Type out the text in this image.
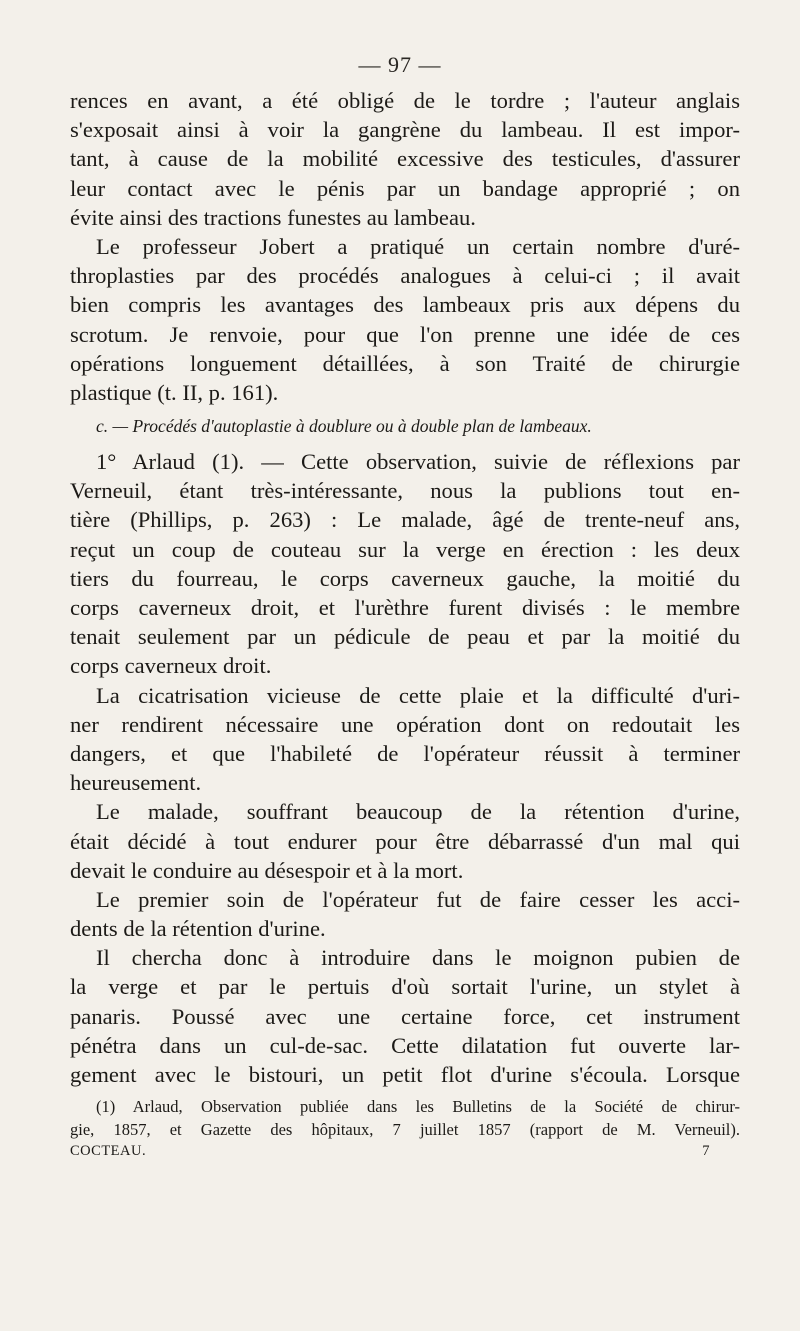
— 97 —
rences en avant, a été obligé de le tordre ; l'auteur anglais
s'exposait ainsi à voir la gangrène du lambeau. Il est impor-
tant, à cause de la mobilité excessive des testicules, d'assurer
leur contact avec le pénis par un bandage approprié ; on
évite ainsi des tractions funestes au lambeau.
Le professeur Jobert a pratiqué un certain nombre d'uré-
throplasties par des procédés analogues à celui-ci ; il avait
bien compris les avantages des lambeaux pris aux dépens du
scrotum. Je renvoie, pour que l'on prenne une idée de ces
opérations longuement détaillées, à son Traité de chirurgie
plastique (t. II, p. 161).
c. — Procédés d'autoplastie à doublure ou à double plan de lambeaux.
1° Arlaud (1). — Cette observation, suivie de réflexions par
Verneuil, étant très-intéressante, nous la publions tout en-
tière (Phillips, p. 263) : Le malade, âgé de trente-neuf ans,
reçut un coup de couteau sur la verge en érection : les deux
tiers du fourreau, le corps caverneux gauche, la moitié du
corps caverneux droit, et l'urèthre furent divisés : le membre
tenait seulement par un pédicule de peau et par la moitié du
corps caverneux droit.
La cicatrisation vicieuse de cette plaie et la difficulté d'uri-
ner rendirent nécessaire une opération dont on redoutait les
dangers, et que l'habileté de l'opérateur réussit à terminer
heureusement.
Le malade, souffrant beaucoup de la rétention d'urine,
était décidé à tout endurer pour être débarrassé d'un mal qui
devait le conduire au désespoir et à la mort.
Le premier soin de l'opérateur fut de faire cesser les acci-
dents de la rétention d'urine.
Il chercha donc à introduire dans le moignon pubien de
la verge et par le pertuis d'où sortait l'urine, un stylet à
panaris. Poussé avec une certaine force, cet instrument
pénétra dans un cul-de-sac. Cette dilatation fut ouverte lar-
gement avec le bistouri, un petit flot d'urine s'écoula. Lorsque
(1) Arlaud, Observation publiée dans les Bulletins de la Société de chirur-
gie, 1857, et Gazette des hôpitaux, 7 juillet 1857 (rapport de M. Verneuil).
COCTEAU.	7
